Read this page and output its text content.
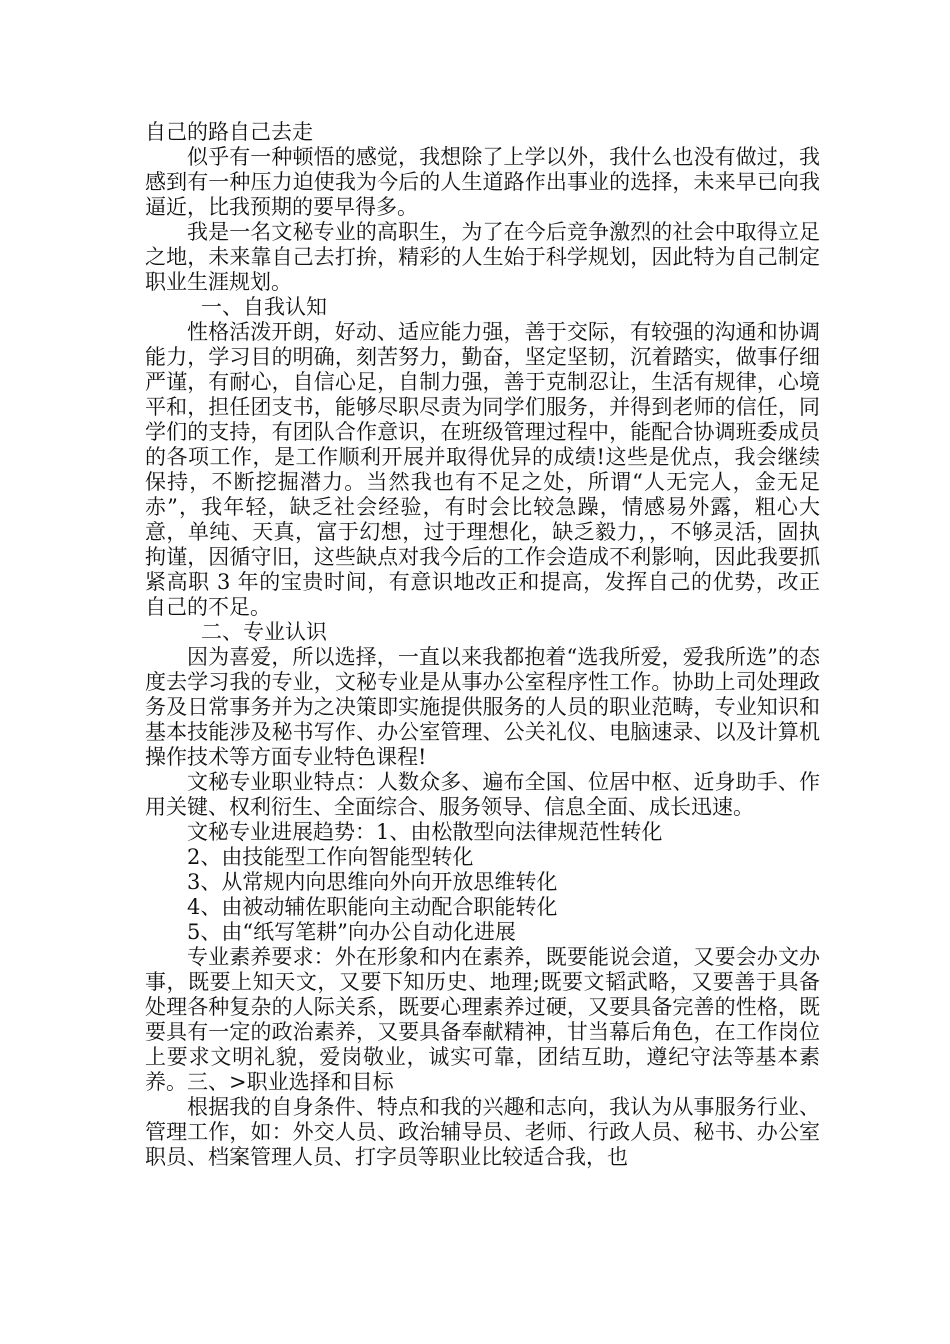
自己的路自己去走

似乎有一种顿悟的感觉，我想除了上学以外，我什么也没有做过，我感到有一种压力迫使我为今后的人生道路作出事业的选择，未来早已向我逼近，比我预期的要早得多。

我是一名文秘专业的高职生，为了在今后竞争激烈的社会中取得立足之地，未来靠自己去打拚，精彩的人生始于科学规划，因此特为自己制定职业生涯规划。

一、自我认知

性格活泼开朗，好动、适应能力强，善于交际，有较强的沟通和协调能力，学习目的明确，刻苦努力，勤奋，坚定坚韧，沉着踏实，做事仔细严谨，有耐心，自信心足，自制力强，善于克制忍让，生活有规律，心境平和，担任团支书，能够尽职尽责为同学们服务，并得到老师的信任，同学们的支持，有团队合作意识，在班级管理过程中，能配合协调班委成员的各项工作，是工作顺利开展并取得优异的成绩!这些是优点，我会继续保持，不断挖掘潜力。当然我也有不足之处，所谓“人无完人，金无足赤”，我年轻，缺乏社会经验，有时会比较急躁，情感易外露，粗心大意，单纯、天真，富于幻想，过于理想化，缺乏毅力，，不够灵活，固执拘谨，因循守旧，这些缺点对我今后的工作会造成不利影响，因此我要抓紧高职 3 年的宝贵时间，有意识地改正和提高，发挥自己的优势，改正自己的不足。

二、专业认识

因为喜爱，所以选择，一直以来我都抱着“选我所爱，爱我所选”的态度去学习我的专业，文秘专业是从事办公室程序性工作。协助上司处理政务及日常事务并为之决策即实施提供服务的人员的职业范畴，专业知识和基本技能涉及秘书写作、办公室管理、公关礼仪、电脑速录、以及计算机操作技术等方面专业特色课程!

文秘专业职业特点：人数众多、遍布全国、位居中枢、近身助手、作用关键、权利衍生、全面综合、服务领导、信息全面、成长迅速。

文秘专业进展趋势：1、由松散型向法律规范性转化

2、由技能型工作向智能型转化

3、从常规内向思维向外向开放思维转化

4、由被动辅佐职能向主动配合职能转化

5、由“纸写笔耕”向办公自动化进展

专业素养要求：外在形象和内在素养，既要能说会道，又要会办文办事，既要上知天文，又要下知历史、地理;既要文韬武略，又要善于具备处理各种复杂的人际关系，既要心理素养过硬，又要具备完善的性格，既要具有一定的政治素养，又要具备奉献精神，甘当幕后角色，在工作岗位上要求文明礼貌，爱岗敬业，诚实可靠，团结互助，遵纪守法等基本素养。三、>职业选择和目标

根据我的自身条件、特点和我的兴趣和志向，我认为从事服务行业、管理工作，如：外交人员、政治辅导员、老师、行政人员、秘书、办公室职员、档案管理人员、打字员等职业比较适合我，也
